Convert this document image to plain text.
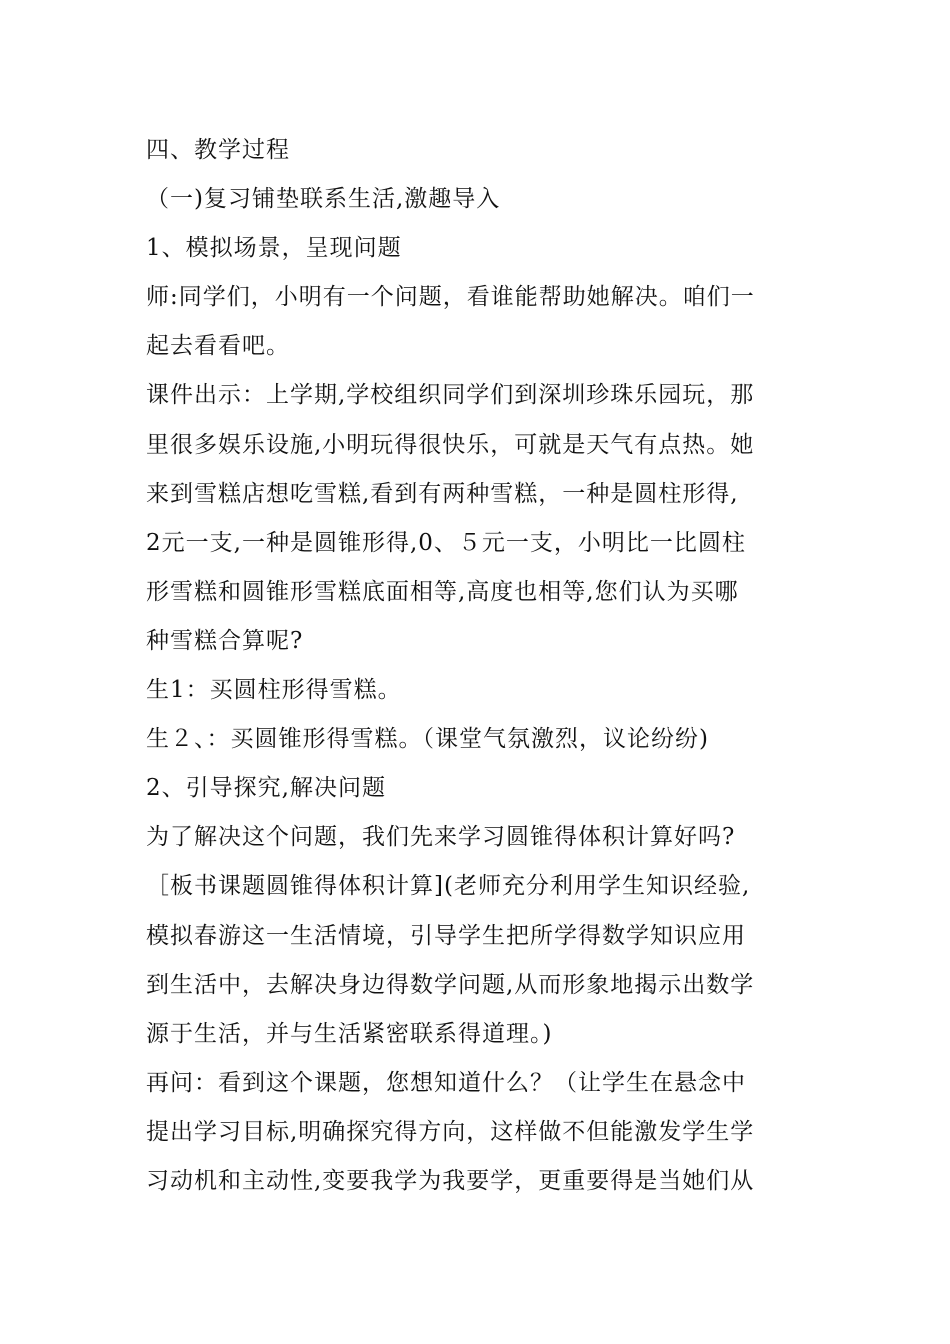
四、教学过程
（一)复习铺垫联系生活,激趣导入
1、模拟场景，呈现问题
师:同学们，小明有一个问题，看谁能帮助她解决。咱们一
起去看看吧。
课件出示：上学期,学校组织同学们到深圳珍珠乐园玩，那
里很多娱乐设施,小明玩得很快乐，可就是天气有点热。她
来到雪糕店想吃雪糕,看到有两种雪糕，一种是圆柱形得,
2元一支,一种是圆锥形得,0、５元一支，小明比一比圆柱
形雪糕和圆锥形雪糕底面相等,高度也相等,您们认为买哪
种雪糕合算呢?
生1：买圆柱形得雪糕。
生２、：买圆锥形得雪糕。（课堂气氛激烈，议论纷纷)
2、引导探究,解决问题
为了解决这个问题，我们先来学习圆锥得体积计算好吗?
［板书课题圆锥得体积计算](老师充分利用学生知识经验,
模拟春游这一生活情境，引导学生把所学得数学知识应用
到生活中，去解决身边得数学问题,从而形象地揭示出数学
源于生活，并与生活紧密联系得道理。)
再问：看到这个课题，您想知道什么？（让学生在悬念中
提出学习目标,明确探究得方向，这样做不但能激发学生学
习动机和主动性,变要我学为我要学，更重要得是当她们从
